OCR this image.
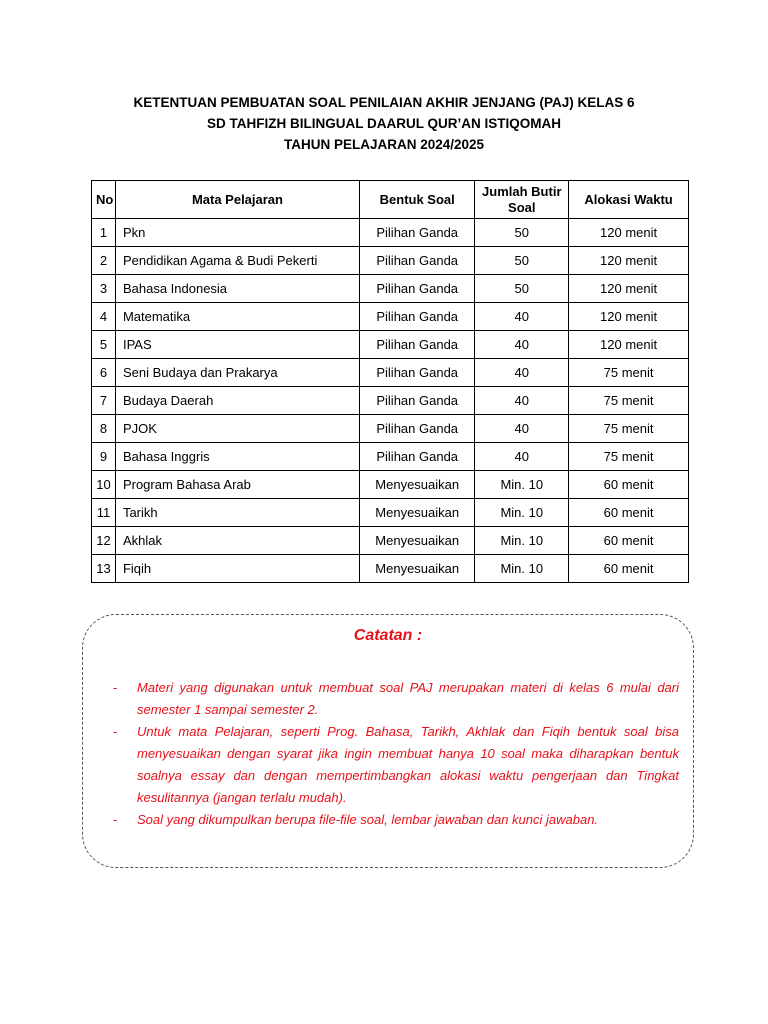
KETENTUAN PEMBUATAN SOAL PENILAIAN AKHIR JENJANG (PAJ) KELAS 6
SD TAHFIZH BILINGUAL DAARUL QUR’AN ISTIQOMAH
TAHUN PELAJARAN 2024/2025
No	Mata Pelajaran	Bentuk Soal	Jumlah Butir Soal	Alokasi Waktu
1	Pkn	Pilihan Ganda	50	120 menit
2	Pendidikan Agama & Budi Pekerti	Pilihan Ganda	50	120 menit
3	Bahasa Indonesia	Pilihan Ganda	50	120 menit
4	Matematika	Pilihan Ganda	40	120 menit
5	IPAS	Pilihan Ganda	40	120 menit
6	Seni Budaya dan Prakarya	Pilihan Ganda	40	75 menit
7	Budaya Daerah	Pilihan Ganda	40	75 menit
8	PJOK	Pilihan Ganda	40	75 menit
9	Bahasa Inggris	Pilihan Ganda	40	75 menit
10	Program Bahasa Arab	Menyesuaikan	Min. 10	60 menit
11	Tarikh	Menyesuaikan	Min. 10	60 menit
12	Akhlak	Menyesuaikan	Min. 10	60 menit
13	Fiqih	Menyesuaikan	Min. 10	60 menit
Catatan :
- Materi yang digunakan untuk membuat soal PAJ merupakan materi di kelas 6 mulai dari semester 1 sampai semester 2.
- Untuk mata Pelajaran, seperti Prog. Bahasa, Tarikh, Akhlak dan Fiqih bentuk soal bisa menyesuaikan dengan syarat jika ingin membuat hanya 10 soal maka diharapkan bentuk soalnya essay dan dengan mempertimbangkan alokasi waktu pengerjaan dan Tingkat kesulitannya (jangan terlalu mudah).
- Soal yang dikumpulkan berupa file-file soal, lembar jawaban dan kunci jawaban.
